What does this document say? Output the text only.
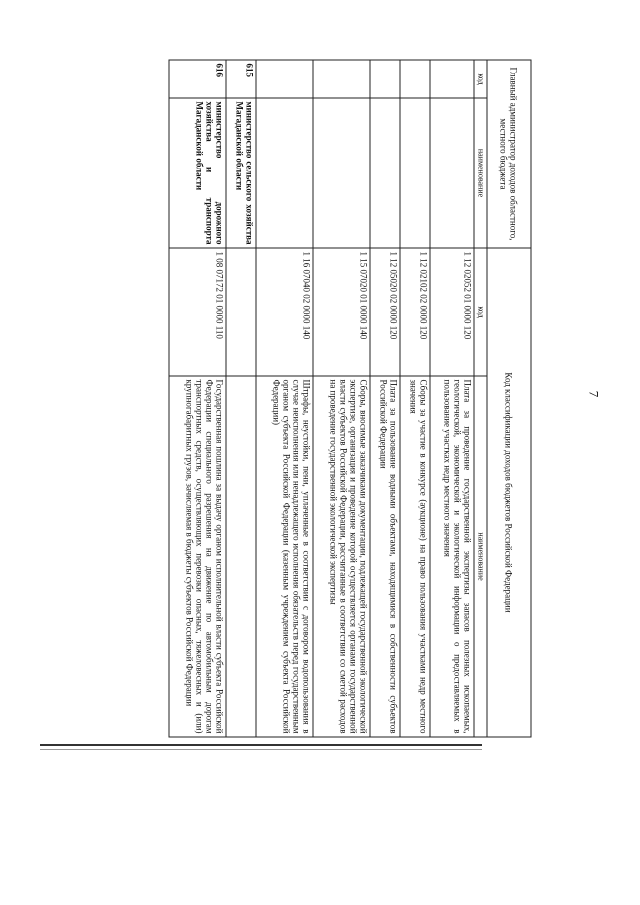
7
Главный администратор доходов областного, местного бюджета		Код классификации доходов бюджетов Российской Федерации	

код	наименование	код	наименование
		1 12 02052 01 0000 120	Плата за проведение государственной экспертизы запасов полезных ископаемых, геологической, экономической и экологической информации о предоставляемых в пользование участках недр местного значения
		1 12 02102 02 0000 120	Сборы за участие в конкурсе (аукционе) на право пользования участками недр местного значения
		1 12 05020 02 0000 120	Плата за пользование водными объектами, находящимися в собственности субъектов Российской Федерации
		1 15 07020 01 0000 140	Сборы, вносимые заказчиками документации, подлежащей государственной экологической экспертизе, организация и проведение которой осуществляется органами государственной власти субъектов Российской Федерации, рассчитанные в соответствии со сметой расходов на проведение государственной экологической экспертизы
		1 16 07040 02 0000 140	Штрафы, неустойки, пени, уплаченные в соответствии с договором водопользования в случае неисполнения или ненадлежащего исполнения обязательств перед государственным органом субъекта Российской Федерации (казенным учреждением субъекта Российской Федерации)
615	министерство сельского хозяйства Магаданской области		
616	министерство дорожного хозяйства и транспорта Магаданской области	1 08 07172 01 0000 110	Государственная пошлина за выдачу органом исполнительной власти субъекта Российской Федерации специального разрешения на движение по автомобильным дорогам транспортных средств, осуществляющих перевозки опасных, тяжеловесных и (или) крупногабаритных грузов, зачисляемая в бюджеты субъектов Российской Федерации
